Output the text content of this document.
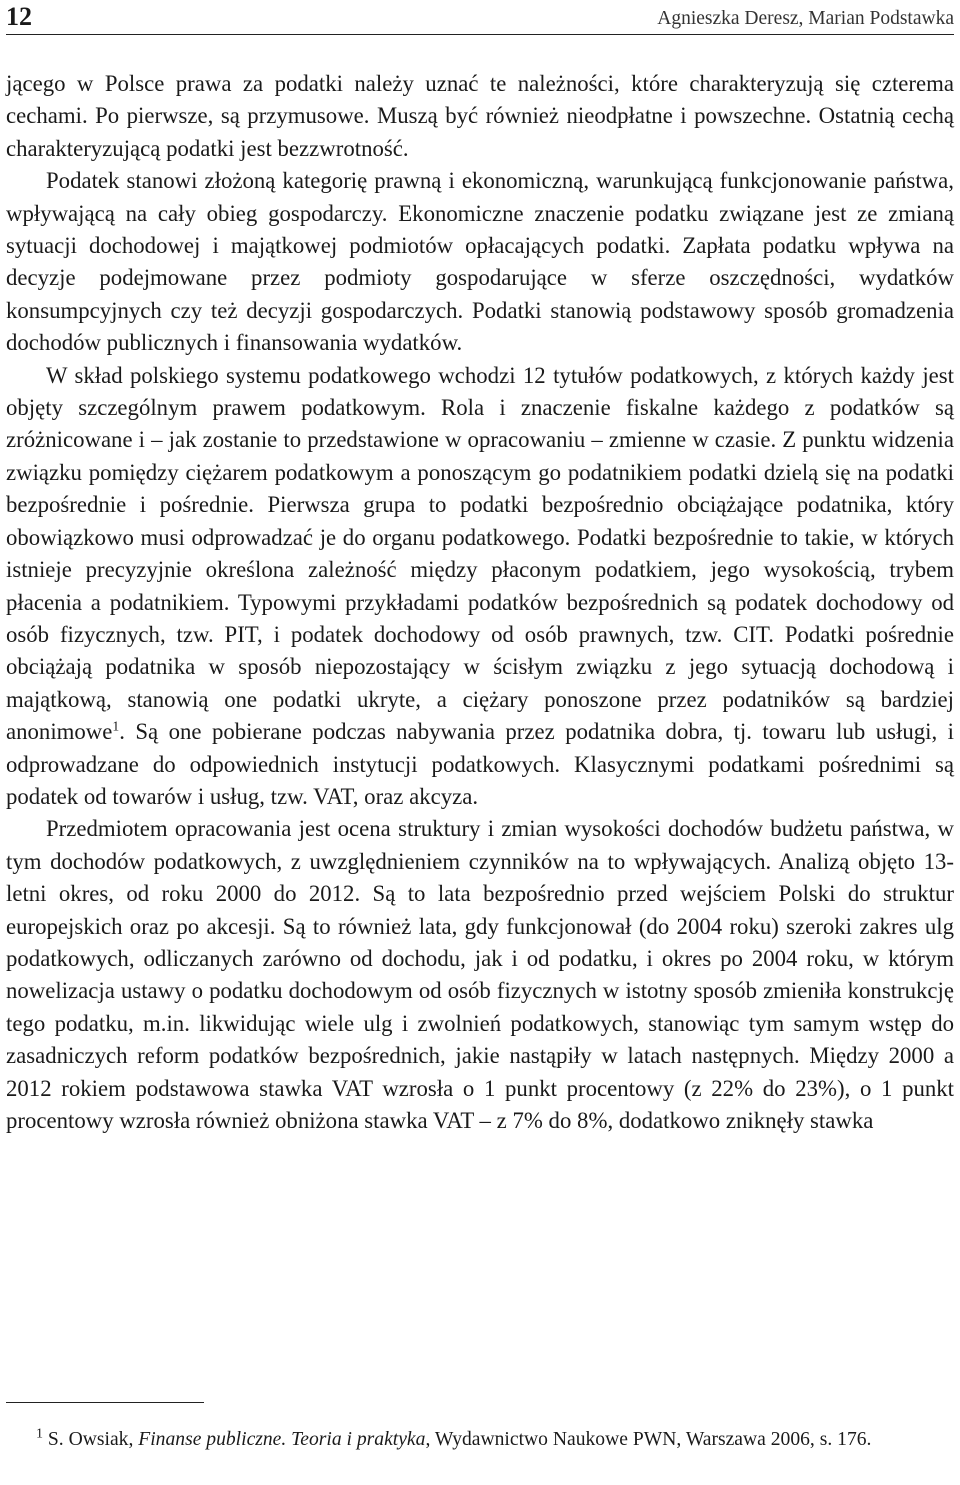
12	Agnieszka Deresz, Marian Podstawka

jącego w Polsce prawa za podatki należy uznać te należności, które charakteryzują się czterema cechami. Po pierwsze, są przymusowe. Muszą być również nieodpłatne i powszechne. Ostatnią cechą charakteryzującą podatki jest bezzwrotność.

Podatek stanowi złożoną kategorię prawną i ekonomiczną, warunkującą funkcjonowanie państwa, wpływającą na cały obieg gospodarczy. Ekonomiczne znaczenie podatku związane jest ze zmianą sytuacji dochodowej i majątkowej podmiotów opłacających podatki. Zapłata podatku wpływa na decyzje podejmowane przez podmioty gospodarujące w sferze oszczędności, wydatków konsumpcyjnych czy też decyzji gospodarczych. Podatki stanowią podstawowy sposób gromadzenia dochodów publicznych i finansowania wydatków.

W skład polskiego systemu podatkowego wchodzi 12 tytułów podatkowych, z których każdy jest objęty szczególnym prawem podatkowym. Rola i znaczenie fiskalne każdego z podatków są zróżnicowane i – jak zostanie to przedstawione w opracowaniu – zmienne w czasie. Z punktu widzenia związku pomiędzy ciężarem podatkowym a ponoszącym go podatnikiem podatki dzielą się na podatki bezpośrednie i pośrednie. Pierwsza grupa to podatki bezpośrednio obciążające podatnika, który obowiązkowo musi odprowadzać je do organu podatkowego. Podatki bezpośrednie to takie, w których istnieje precyzyjnie określona zależność między płaconym podatkiem, jego wysokością, trybem płacenia a podatnikiem. Typowymi przykładami podatków bezpośrednich są podatek dochodowy od osób fizycznych, tzw. PIT, i podatek dochodowy od osób prawnych, tzw. CIT. Podatki pośrednie obciążają podatnika w sposób niepozostający w ścisłym związku z jego sytuacją dochodową i majątkową, stanowią one podatki ukryte, a ciężary ponoszone przez podatników są bardziej anonimowe$^1$. Są one pobierane podczas nabywania przez podatnika dobra, tj. towaru lub usługi, i odprowadzane do odpowiednich instytucji podatkowych. Klasycznymi podatkami pośrednimi są podatek od towarów i usług, tzw. VAT, oraz akcyza.

Przedmiotem opracowania jest ocena struktury i zmian wysokości dochodów budżetu państwa, w tym dochodów podatkowych, z uwzględnieniem czynników na to wpływających. Analizą objęto 13-letni okres, od roku 2000 do 2012. Są to lata bezpośrednio przed wejściem Polski do struktur europejskich oraz po akcesji. Są to również lata, gdy funkcjonował (do 2004 roku) szeroki zakres ulg podatkowych, odliczanych zarówno od dochodu, jak i od podatku, i okres po 2004 roku, w którym nowelizacja ustawy o podatku dochodowym od osób fizycznych w istotny sposób zmieniła konstrukcję tego podatku, m.in. likwidując wiele ulg i zwolnień podatkowych, stanowiąc tym samym wstęp do zasadniczych reform podatków bezpośrednich, jakie nastąpiły w latach następnych. Między 2000 a 2012 rokiem podstawowa stawka VAT wzrosła o 1 punkt procentowy (z 22% do 23%), o 1 punkt procentowy wzrosła również obniżona stawka VAT – z 7% do 8%, dodatkowo zniknęły stawka

$^1$ S. Owsiak, Finanse publiczne. Teoria i praktyka, Wydawnictwo Naukowe PWN, Warszawa 2006, s. 176.
